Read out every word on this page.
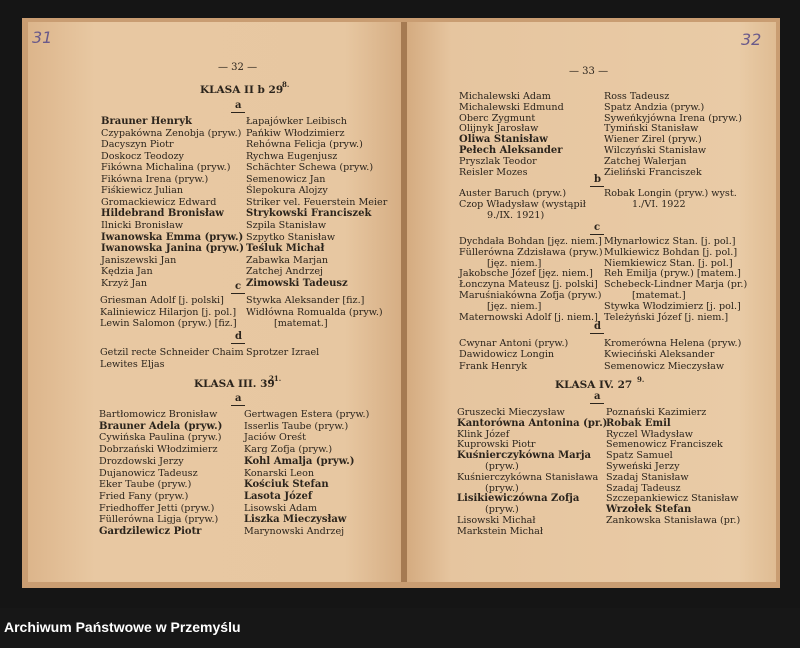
31
— 32 —
KLASA II b 29
8.
a
Brauner Henryk
Czypakówna Zenobja (pryw.)
Dacyszyn Piotr
Doskocz Teodozy
Fikówna Michalina (pryw.)
Fikówna Irena (pryw.)
Fiśkiewicz Julian
Gromackiewicz Edward
Hildebrand Bronisław
Ilnicki Bronisław
Iwanowska Emma (pryw.)
Iwanowska Janina (pryw.)
Janiszewski Jan
Kędzia Jan
Krzyż Jan
Łapajówker Leibisch
Pańkiw Włodzimierz
Rehówna Felicja (pryw.)
Rychwa Eugenjusz
Schächter Schewa (pryw.)
Semenowicz Jan
Ślepokura Alojzy
Striker vel. Feuerstein Meier
Strykowski Franciszek
Szpila Stanisław
Szpytko Stanisław
Teśluk Michał
Zabawka Marjan
Zatchej Andrzej
Zimowski Tadeusz
c
Griesman Adolf [j. polski]
Kaliniewicz Hilarjon [j. pol.]
Lewin Salomon (pryw.) [fiz.]
Stywka Aleksander [fiz.]
Widłówna Romualda (pryw.)
[matemat.]
d
Getzil recte Schneider Chaim
Lewites Eljas
Sprotzer Izrael
KLASA III. 39
21.
a
Bartłomowicz Bronisław
Brauner Adela (pryw.)
Cywińska Paulina (pryw.)
Dobrzański Włodzimierz
Drozdowski Jerzy
Dujanowicz Tadeusz
Eker Taube (pryw.)
Fried Fany (pryw.)
Friedhoffer Jetti (pryw.)
Füllerówna Ligja (pryw.)
Gardzilewicz Piotr
Gertwagen Estera (pryw.)
Isserlis Taube (pryw.)
Jaciów Oreśt
Karg Zofja (pryw.)
Kohl Amalja (pryw.)
Konarski Leon
Kościuk Stefan
Lasota Józef
Lisowski Adam
Liszka Mieczysław
Marynowski Andrzej
32
— 33 —
Michalewski Adam
Michalewski Edmund
Oberc Zygmunt
Olijnyk Jarosław
Oliwa Stanisław
Pełech Aleksander
Pryszlak Teodor
Reisler Mozes
Ross Tadeusz
Spatz Andzia (pryw.)
Syweńkyjówna Irena (pryw.)
Tymiński Stanisław
Wiener Zirel (pryw.)
Wilczyński Stanisław
Zatchej Walerjan
Zieliński Franciszek
b
Auster Baruch (pryw.)
Czop Władysław (wystąpił
9./IX. 1921)
Robak Longin (pryw.) wyst.
1./VI. 1922
c
Dychdała Bohdan [jęz. niem.]
Füllerówna Zdzisława (pryw.)
[jęz. niem.]
Jakobsche Józef [jęz. niem.]
Łonczyna Mateusz [j. polski]
Maruśniakówna Zofja (pryw.)
[jęz. niem.]
Maternowski Adolf [j. niem.]
Młynarłowicz Stan. [j. pol.]
Mulkiewicz Bohdan [j. pol.]
Niemkiewicz Stan. [j. pol.]
Reh Emilja (pryw.) [matem.]
Schebeck-Lindner Marja (pr.)
[matemat.]
Stywka Włodzimierz [j. pol.]
Teleżyński Józef [j. niem.]
d
Cwynar Antoni (pryw.)
Dawidowicz Longin
Frank Henryk
Kromerówna Helena (pryw.)
Kwieciński Aleksander
Semenowicz Mieczysław
KLASA IV. 27 9.
a
Gruszecki Mieczysław
Kantorówna Antonina (pr.)
Klink Józef
Kuprowski Piotr
Kuśnierczykówna Marja
(pryw.)
Kuśnierczykówna Stanisława
(pryw.)
Lisikiewiczówna Zofja
(pryw.)
Lisowski Michał
Markstein Michał
Poznański Kazimierz
Robak Emil
Ryczel Władysław
Semenowicz Franciszek
Spatz Samuel
Syweński Jerzy
Szadaj Stanisław
Szadaj Tadeusz
Szczepankiewicz Stanisław
Wrzołek Stefan
Zankowska Stanisława (pr.)
Archiwum Państwowe w Przemyślu
